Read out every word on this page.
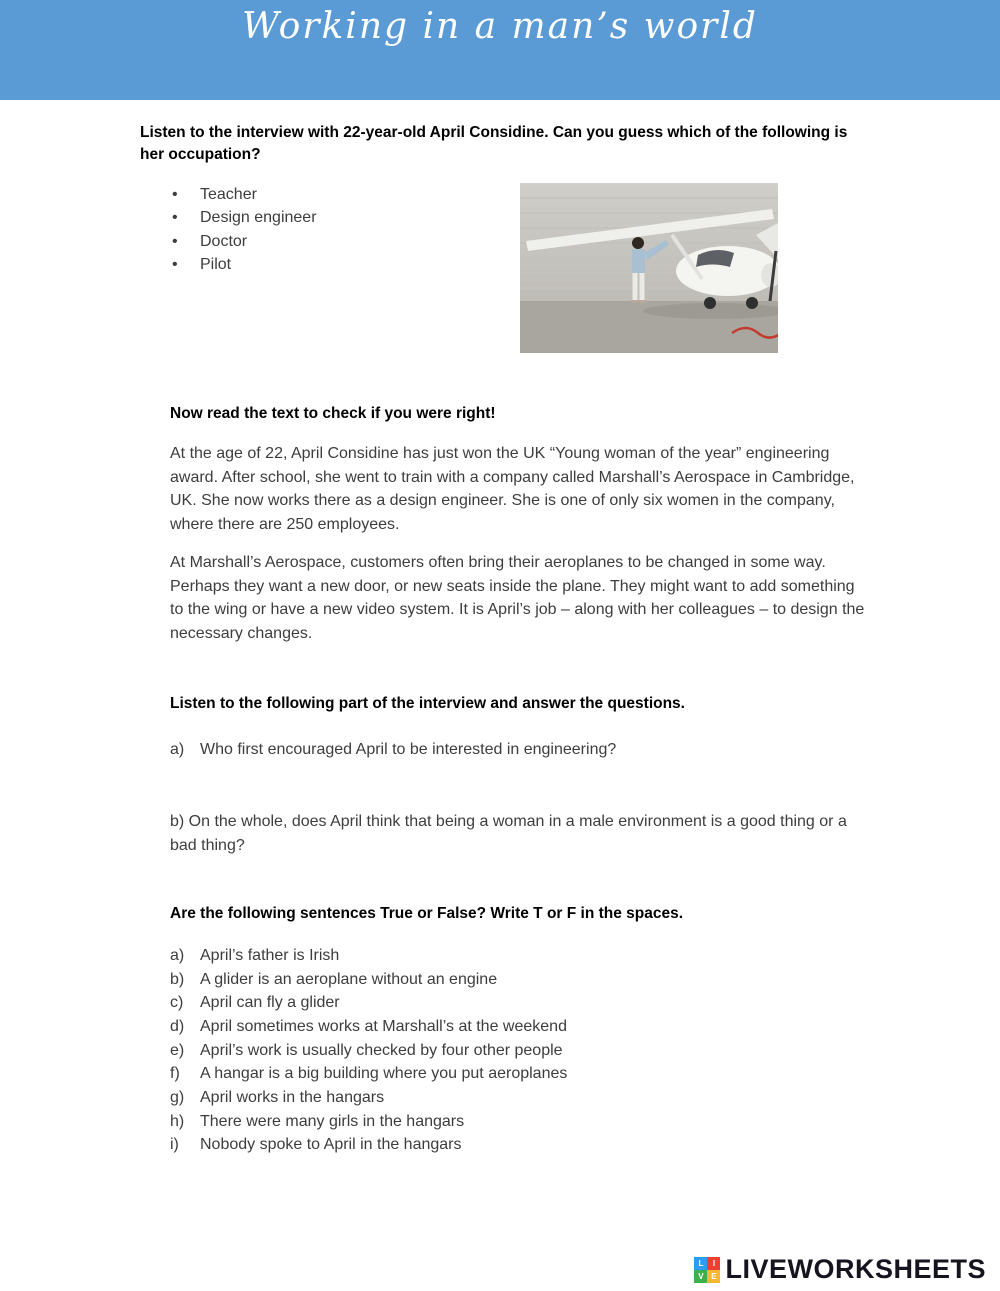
Working in a man’s world

Listen to the interview with 22-year-old April Considine. Can you guess which of the following is her occupation?

• Teacher
• Design engineer
• Doctor
• Pilot

Now read the text to check if you were right!

At the age of 22, April Considine has just won the UK “Young woman of the year” engineering award. After school, she went to train with a company called Marshall’s Aerospace in Cambridge, UK. She now works there as a design engineer. She is one of only six women in the company, where there are 250 employees.

At Marshall’s Aerospace, customers often bring their aeroplanes to be changed in some way. Perhaps they want a new door, or new seats inside the plane. They might want to add something to the wing or have a new video system. It is April’s job – along with her colleagues – to design the necessary changes.

Listen to the following part of the interview and answer the questions.

a) Who first encouraged April to be interested in engineering?

b) On the whole, does April think that being a woman in a male environment is a good thing or a bad thing?

Are the following sentences True or False? Write T or F in the spaces.

a) April’s father is Irish
b) A glider is an aeroplane without an engine
c)	April can fly a glider
d) April sometimes works at Marshall’s at the weekend
e) April’s work is usually checked by four other people
f)	A hangar is a big building where you put aeroplanes
g) April works in the hangars
h) There were many girls in the hangars
i)	Nobody spoke to April in the hangars
L	I
V E LIVEWORKSHEETS
